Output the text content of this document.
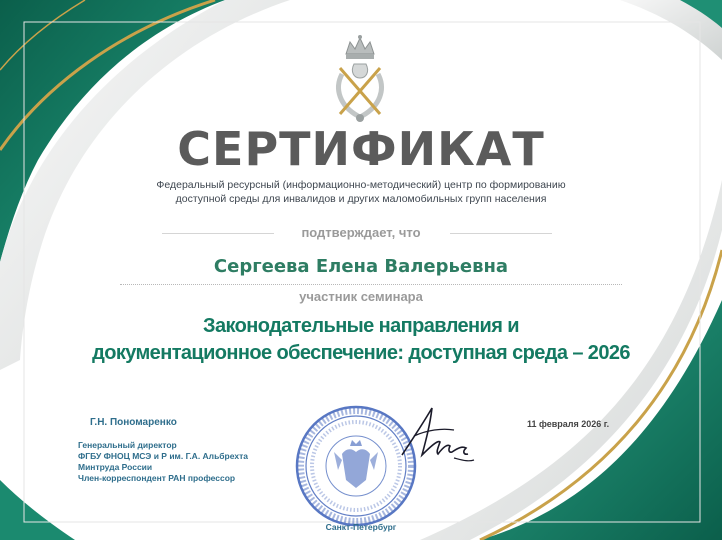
СЕРТИФИКАТ
Федеральный ресурсный (информационно-методический) центр по формированию
доступной среды для инвалидов и других маломобильных групп населения
подтверждает, что
Сергеева Елена Валерьевна
участник семинара
Законодательные направления и
документационное обеспечение: доступная среда – 2026
Г.Н. Пономаренко
Генеральный директор
ФГБУ ФНОЦ МСЭ и Р им. Г.А. Альбрехта
Минтруда России
Член-корреспондент РАН профессор
11 февраля 2026 г.
Санкт-Петербург
